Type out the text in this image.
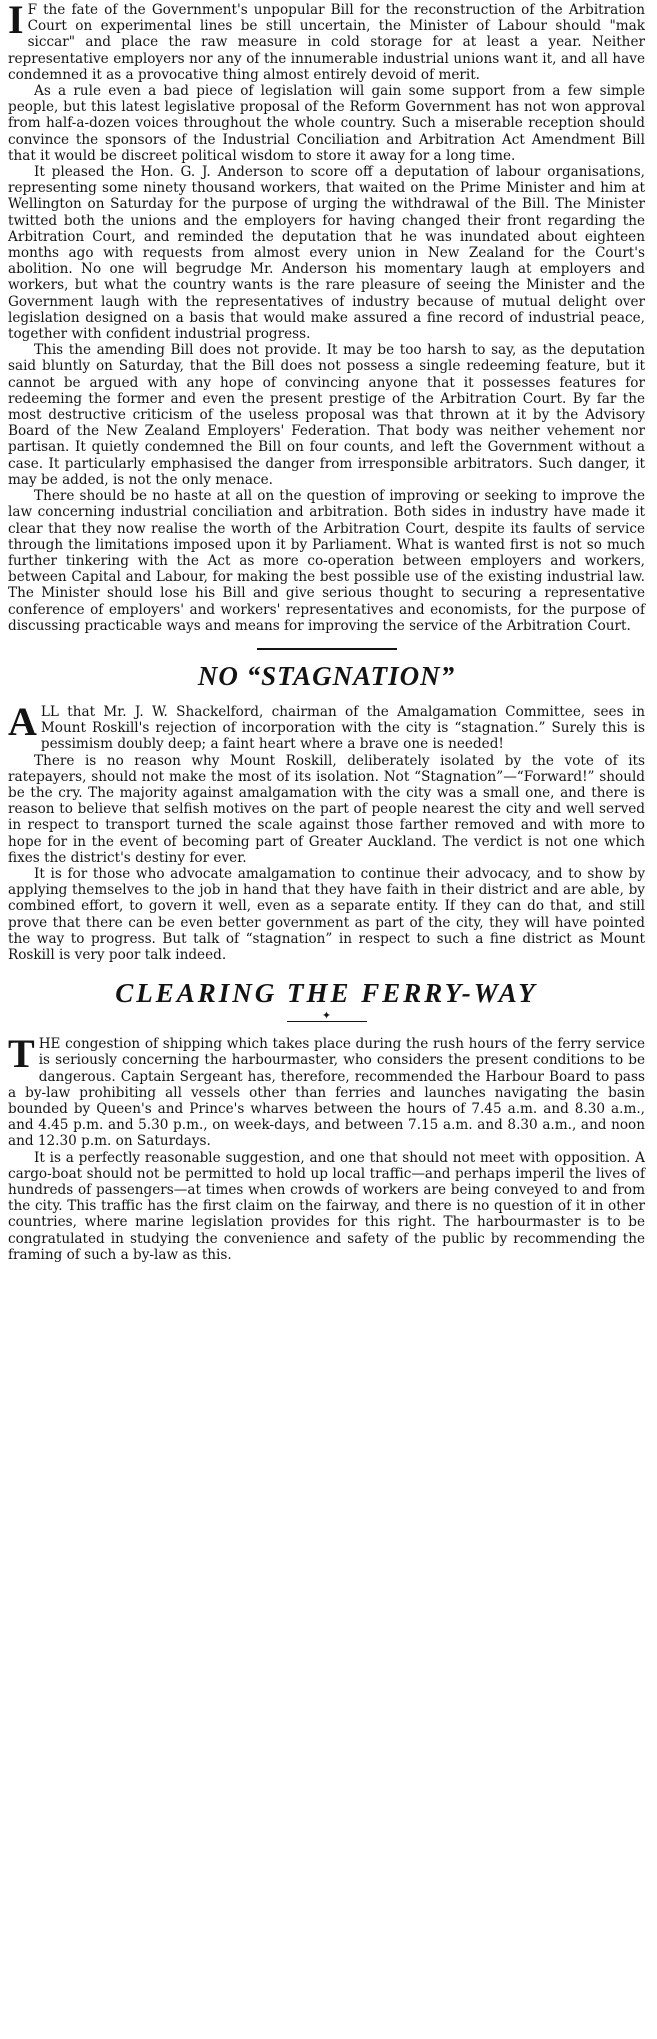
I F the fate of the Government's unpopular Bill for the reconstruction of the Arbitration Court on experimental lines be still uncertain, the Minister of Labour should "mak siccar" and place the raw measure in cold storage for at least a year. Neither representative employers nor any of the innumerable industrial unions want it, and all have condemned it as a provocative thing almost entirely devoid of merit.

As a rule even a bad piece of legislation will gain some support from a few simple people, but this latest legislative proposal of the Reform Government has not won approval from half-a-dozen voices throughout the whole country. Such a miserable reception should convince the sponsors of the Industrial Conciliation and Arbitration Act Amendment Bill that it would be discreet political wisdom to store it away for a long time.

It pleased the Hon. G. J. Anderson to score off a deputation of labour organisations, representing some ninety thousand workers, that waited on the Prime Minister and him at Wellington on Saturday for the purpose of urging the withdrawal of the Bill. The Minister twitted both the unions and the employers for having changed their front regarding the Arbitration Court, and reminded the deputation that he was inundated about eighteen months ago with requests from almost every union in New Zealand for the Court's abolition. No one will begrudge Mr. Anderson his momentary laugh at employers and workers, but what the country wants is the rare pleasure of seeing the Minister and the Government laugh with the representatives of industry because of mutual delight over legislation designed on a basis that would make assured a fine record of industrial peace, together with confident industrial progress.

This the amending Bill does not provide. It may be too harsh to say, as the deputation said bluntly on Saturday, that the Bill does not possess a single redeeming feature, but it cannot be argued with any hope of convincing anyone that it possesses features for redeeming the former and even the present prestige of the Arbitration Court. By far the most destructive criticism of the useless proposal was that thrown at it by the Advisory Board of the New Zealand Employers' Federation. That body was neither vehement nor partisan. It quietly condemned the Bill on four counts, and left the Government without a case. It particularly emphasised the danger from irresponsible arbitrators. Such danger, it may be added, is not the only menace.

There should be no haste at all on the question of improving or seeking to improve the law concerning industrial conciliation and arbitration. Both sides in industry have made it clear that they now realise the worth of the Arbitration Court, despite its faults of service through the limitations imposed upon it by Parliament. What is wanted first is not so much further tinkering with the Act as more co-operation between employers and workers, between Capital and Labour, for making the best possible use of the existing industrial law. The Minister should lose his Bill and give serious thought to securing a representative conference of employers' and workers' representatives and economists, for the purpose of discussing practicable ways and means for improving the service of the Arbitration Court.

NO “STAGNATION”

ALL that Mr. J. W. Shackelford, chairman of the Amalgamation Committee, sees in Mount Roskill's rejection of incorporation with the city is “stagnation.” Surely this is pessimism doubly deep; a faint heart where a brave one is needed!

There is no reason why Mount Roskill, deliberately isolated by the vote of its ratepayers, should not make the most of its isolation. Not “Stagnation”—“Forward!” should be the cry. The majority against amalgamation with the city was a small one, and there is reason to believe that selfish motives on the part of people nearest the city and well served in respect to transport turned the scale against those farther removed and with more to hope for in the event of becoming part of Greater Auckland. The verdict is not one which fixes the district's destiny for ever.

It is for those who advocate amalgamation to continue their advocacy, and to show by applying themselves to the job in hand that they have faith in their district and are able, by combined effort, to govern it well, even as a separate entity. If they can do that, and still prove that there can be even better government as part of the city, they will have pointed the way to progress. But talk of “stagnation” in respect to such a fine district as Mount Roskill is very poor talk indeed.

CLEARING THE FERRY-WAY
✦

THE congestion of shipping which takes place during the rush hours of the ferry service is seriously concerning the harbourmaster, who considers the present conditions to be dangerous. Captain Sergeant has, therefore, recommended the Harbour Board to pass a by-law prohibiting all vessels other than ferries and launches navigating the basin bounded by Queen's and Prince's wharves between the hours of 7.45 a.m. and 8.30 a.m., and 4.45 p.m. and 5.30 p.m., on week-days, and between 7.15 a.m. and 8.30 a.m., and noon and 12.30 p.m. on Saturdays.

It is a perfectly reasonable suggestion, and one that should not meet with opposition. A cargo-boat should not be permitted to hold up local traffic—and perhaps imperil the lives of hundreds of passengers—at times when crowds of workers are being conveyed to and from the city. This traffic has the first claim on the fairway, and there is no question of it in other countries, where marine legislation provides for this right. The harbourmaster is to be congratulated in studying the convenience and safety of the public by recommending the framing of such a by-law as this.
